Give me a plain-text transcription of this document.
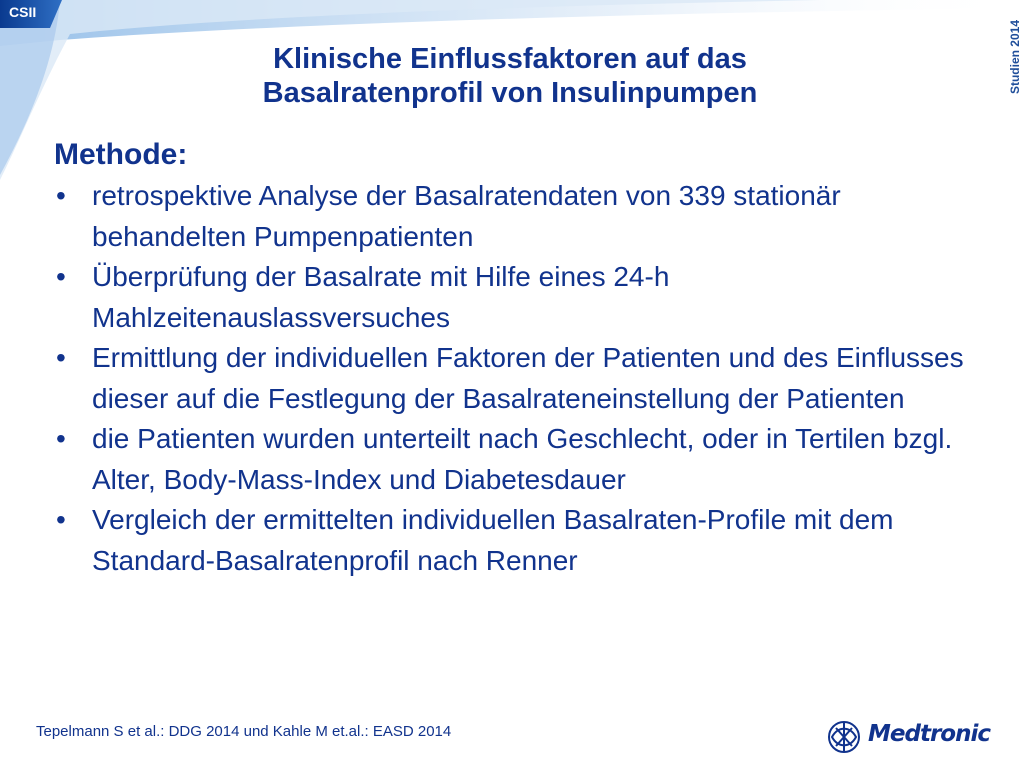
CSII
Studien 2014
Klinische Einflussfaktoren auf das
Basalratenprofil von Insulinpumpen
Methode:
• retrospektive Analyse der Basalratendaten von 339 stationär behandelten Pumpenpatienten
• Überprüfung der Basalrate mit Hilfe eines 24-h Mahlzeitenauslassversuches
• Ermittlung der individuellen Faktoren der Patienten und des Einflusses dieser auf die Festlegung der Basalrateneinstellung der Patienten
• die Patienten wurden unterteilt nach Geschlecht, oder in Tertilen bzgl. Alter, Body-Mass-Index und Diabetesdauer
• Vergleich der ermittelten individuellen Basalraten-Profile mit dem Standard-Basalratenprofil nach Renner
Tepelmann S et al.: DDG 2014 und Kahle M et.al.: EASD 2014	Medtronic
